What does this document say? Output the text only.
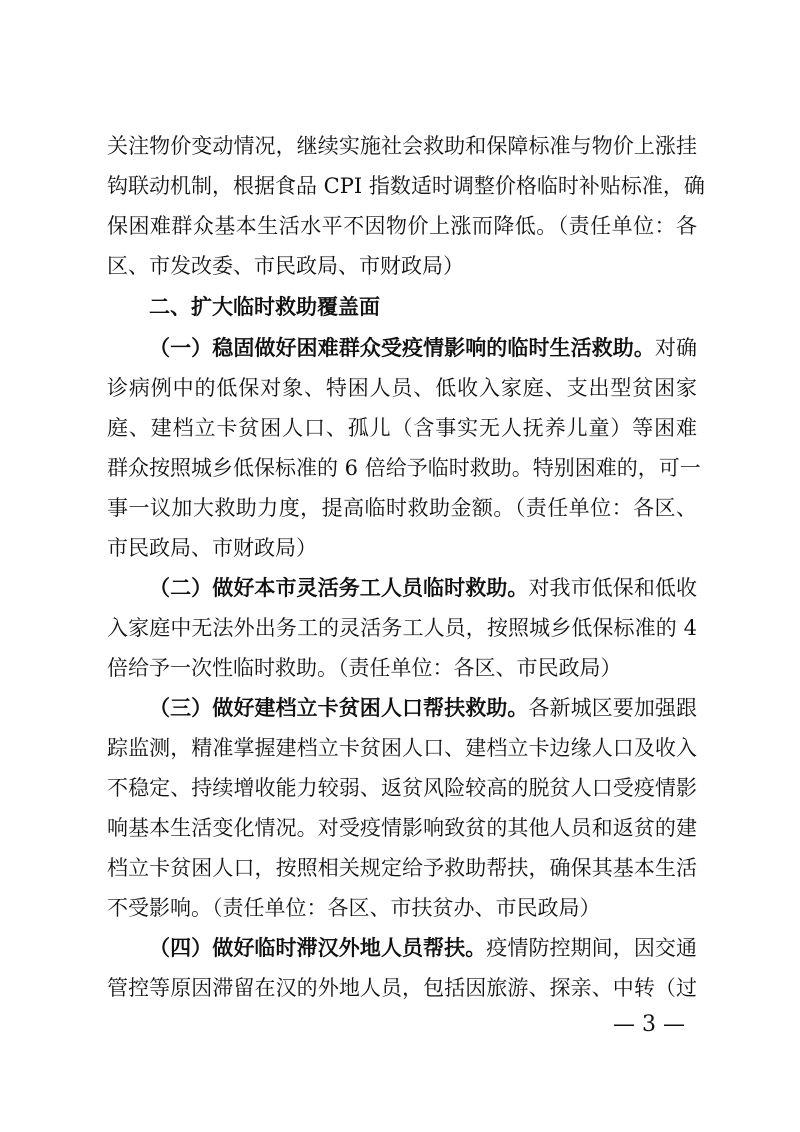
关注物价变动情况，继续实施社会救助和保障标准与物价上涨挂
钩联动机制，根据食品 CPI 指数适时调整价格临时补贴标准，确
保困难群众基本生活水平不因物价上涨而降低。（责任单位：各
区、市发改委、市民政局、市财政局）
二、扩大临时救助覆盖面
（一）稳固做好困难群众受疫情影响的临时生活救助。对确
诊病例中的低保对象、特困人员、低收入家庭、支出型贫困家
庭、建档立卡贫困人口、孤儿（含事实无人抚养儿童）等困难
群众按照城乡低保标准的 6 倍给予临时救助。特别困难的，可一
事一议加大救助力度，提高临时救助金额。（责任单位：各区、
市民政局、市财政局）
（二）做好本市灵活务工人员临时救助。对我市低保和低收
入家庭中无法外出务工的灵活务工人员，按照城乡低保标准的 4
倍给予一次性临时救助。（责任单位：各区、市民政局）
（三）做好建档立卡贫困人口帮扶救助。各新城区要加强跟
踪监测，精准掌握建档立卡贫困人口、建档立卡边缘人口及收入
不稳定、持续增收能力较弱、返贫风险较高的脱贫人口受疫情影
响基本生活变化情况。对受疫情影响致贫的其他人员和返贫的建
档立卡贫困人口，按照相关规定给予救助帮扶，确保其基本生活
不受影响。（责任单位：各区、市扶贫办、市民政局）
（四）做好临时滞汉外地人员帮扶。疫情防控期间，因交通
管控等原因滞留在汉的外地人员，包括因旅游、探亲、中转（过
— 3 —
